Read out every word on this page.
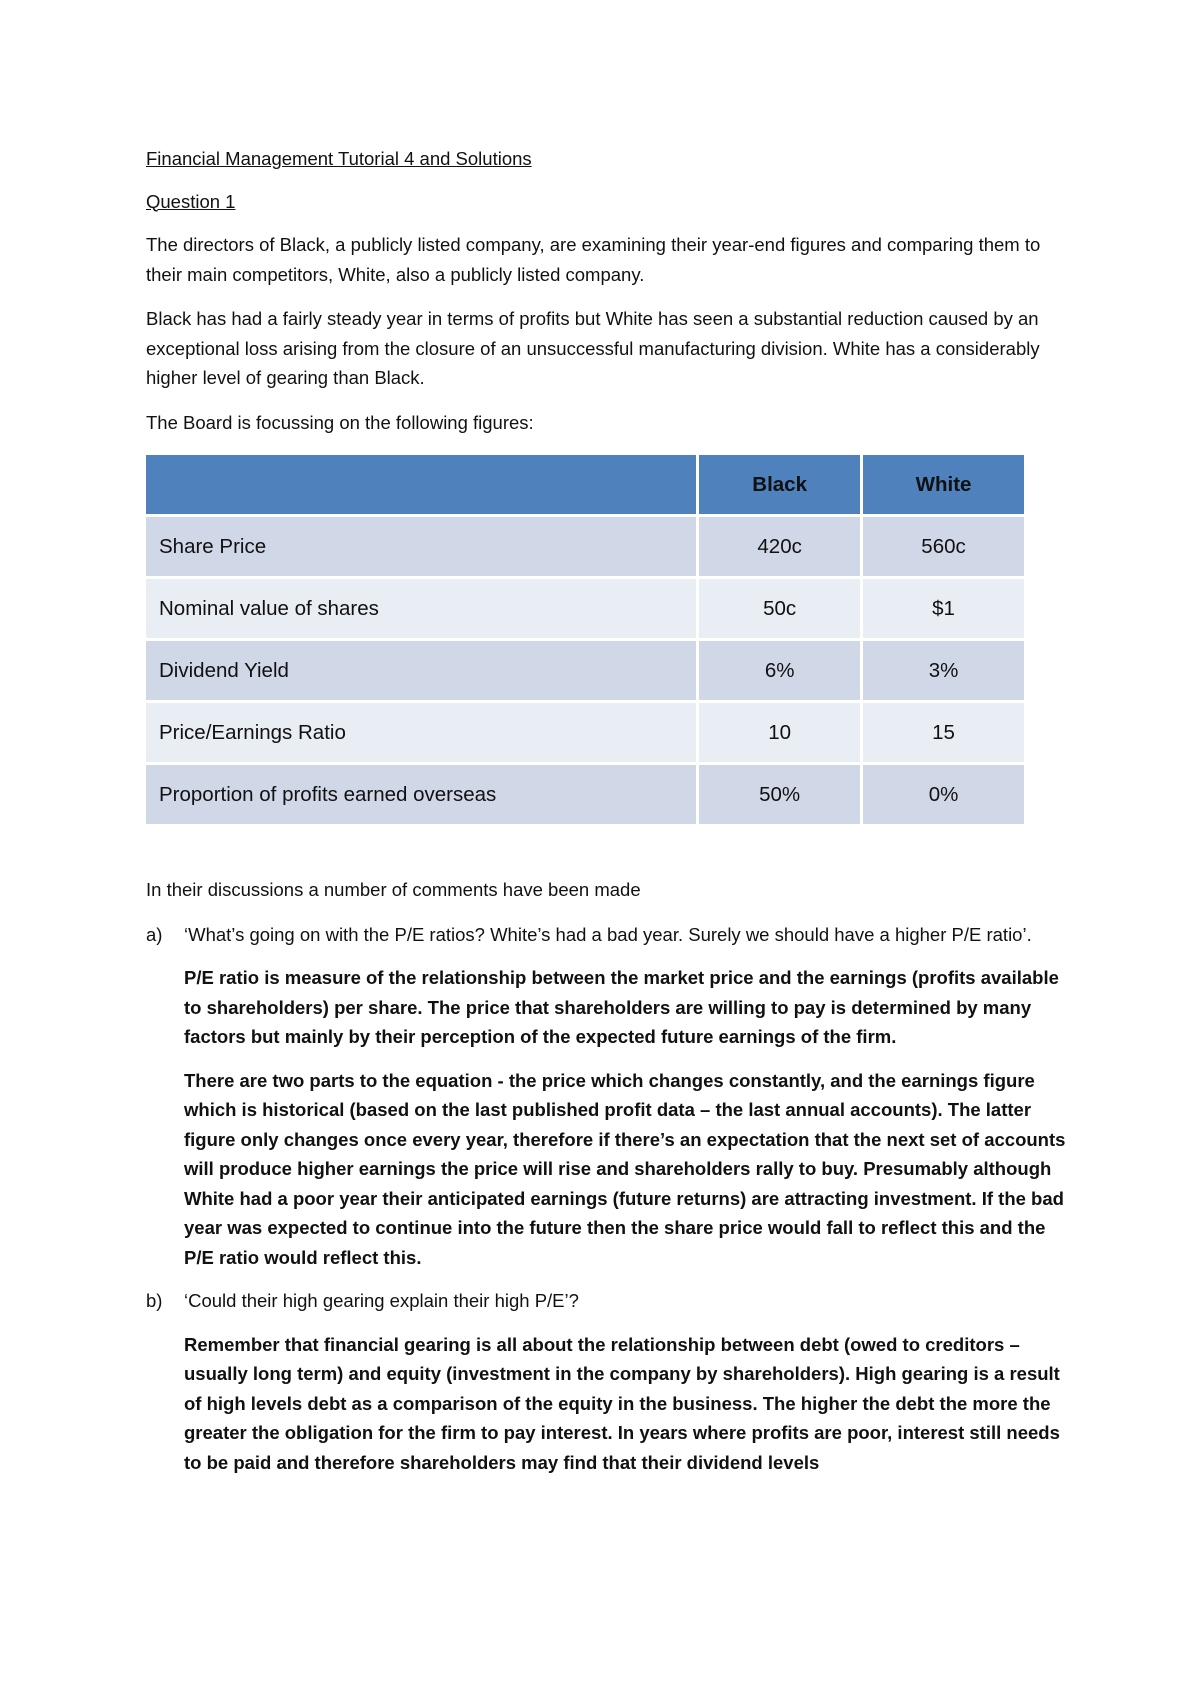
Financial Management Tutorial 4 and Solutions

Question 1

The directors of Black, a publicly listed company, are examining their year-end figures and comparing them to their main competitors, White, also a publicly listed company.

Black has had a fairly steady year in terms of profits but White has seen a substantial reduction caused by an exceptional loss arising from the closure of an unsuccessful manufacturing division. White has a considerably higher level of gearing than Black.

The Board is focussing on the following figures:

	Black	White
Share Price	420c	560c
Nominal value of shares	50c	$1
Dividend Yield	6%	3%
Price/Earnings Ratio	10	15
Proportion of profits earned overseas	50%	0%

In their discussions a number of comments have been made

a)	‘What’s going on with the P/E ratios? White’s had a bad year. Surely we should have a higher P/E ratio’.

P/E ratio is measure of the relationship between the market price and the earnings (profits available to shareholders) per share. The price that shareholders are willing to pay is determined by many factors but mainly by their perception of the expected future earnings of the firm.

There are two parts to the equation - the price which changes constantly, and the earnings figure which is historical (based on the last published profit data – the last annual accounts). The latter figure only changes once every year, therefore if there’s an expectation that the next set of accounts will produce higher earnings the price will rise and shareholders rally to buy. Presumably although White had a poor year their anticipated earnings (future returns) are attracting investment. If the bad year was expected to continue into the future then the share price would fall to reflect this and the P/E ratio would reflect this.

b)	‘Could their high gearing explain their high P/E’?

Remember that financial gearing is all about the relationship between debt (owed to creditors – usually long term) and equity (investment in the company by shareholders). High gearing is a result of high levels debt as a comparison of the equity in the business. The higher the debt the more the greater the obligation for the firm to pay interest. In years where profits are poor, interest still needs to be paid and therefore shareholders may find that their dividend levels
